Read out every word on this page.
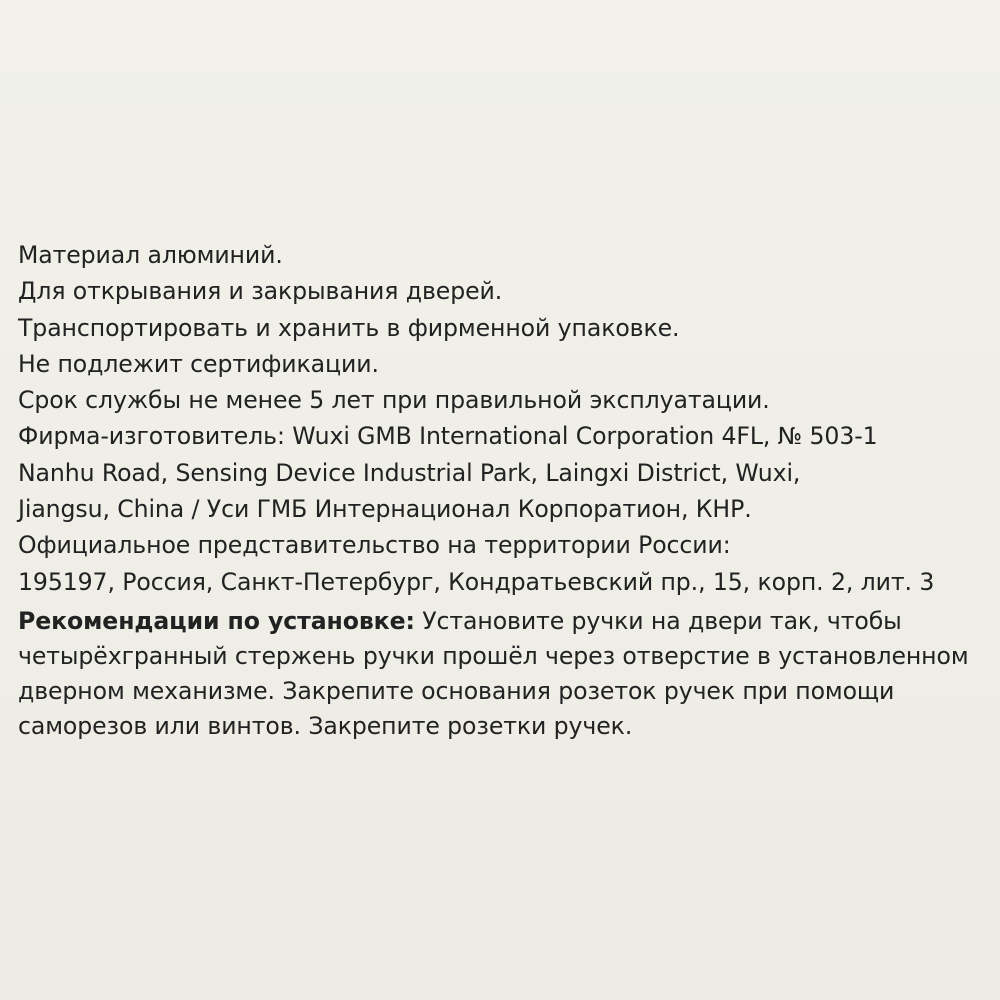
Материал алюминий.
Для открывания и закрывания дверей.
Транспортировать и хранить в фирменной упаковке.
Не подлежит сертификации.
Срок службы не менее 5 лет при правильной эксплуатации.
Фирма-изготовитель: Wuxi GMB International Corporation 4FL, № 503-1
Nanhu Road, Sensing Device Industrial Park, Laingxi District, Wuxi,
Jiangsu, China / Уси ГМБ Интернационал Корпоратион, КНР.
Официальное представительство на территории России:
195197, Россия, Санкт-Петербург, Кондратьевский пр., 15, корп. 2, лит. 3
Рекомендации по установке: Установите ручки на двери так, чтобы
четырёхгранный стержень ручки прошёл через отверстие в установленном
дверном механизме. Закрепите основания розеток ручек при помощи
саморезов или винтов. Закрепите розетки ручек.
